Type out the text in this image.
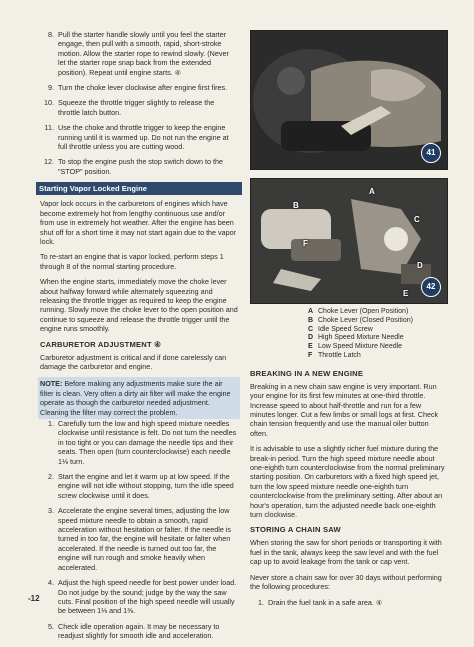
8. Pull the starter handle slowly until you feel the starter engage, then pull with a smooth, rapid, short-stroke motion. Allow the starter rope to rewind slowly. (Never let the starter rope snap back from the extended position). Repeat until engine starts. ④
9. Turn the choke lever clockwise after engine first fires.
10. Squeeze the throttle trigger slightly to release the throttle latch button.
11. Use the choke and throttle trigger to keep the engine running until it is warmed up. Do not run the engine at full throttle unless you are cutting wood.
12. To stop the engine push the stop switch down to the "STOP" position.
Starting Vapor Locked Engine

Vapor lock occurs in the carburetors of engines which have become extremely hot from lengthy continuous use and/or from use in extremely hot weather. After the engine has been shut off for a short time it may not start again due to the vapor lock.

To re-start an engine that is vapor locked, perform steps 1 through 8 of the normal starting procedure.

When the engine starts, immediately move the choke lever about halfway forward while alternately squeezing and releasing the throttle trigger as required to keep the engine running. Slowly move the choke lever to the open position and continue to squeeze and release the throttle trigger until the engine runs smoothly.

CARBURETOR ADJUSTMENT ④

Carburetor adjustment is critical and if done carelessly can damage the carburetor and engine.

NOTE: Before making any adjustments make sure the air filter is clean. Very often a dirty air filter will make the engine operate as though the carburetor needed adjustment. Cleaning the filter may correct the problem.

1. Carefully turn the low and high speed mixture needles clockwise until resistance is felt. Do not turn the needles in too tight or you can damage the needle tips and their seats. Then open (turn counterclockwise) each needle 1⅛ turn.
2. Start the engine and let it warm up at low speed. If the engine will not idle without stopping, turn the idle speed screw clockwise until it does.
3. Accelerate the engine several times, adjusting the low speed mixture needle to obtain a smooth, rapid acceleration without hesitation or falter. If the needle is turned in too far, the engine will hesitate or falter when accelerated. If the needle is turned out too far, the engine will run rough and smoke heavily when accelerated.
4. Adjust the high speed needle for best power under load. Do not judge by the sound; judge by the way the saw cuts. Final position of the high speed needle will usually be between 1⅛ and 1⅜.
5. Check idle operation again. It may be necessary to readjust slightly for smooth idle and acceleration.
41
A
B
C
D
E
F
42
A Choke Lever (Open Position)
B Choke Lever (Closed Position)
C Idle Speed Screw
D High Speed Mixture Needle
E Low Speed Mixture Needle
F Throttle Latch
BREAKING IN A NEW ENGINE

Breaking in a new chain saw engine is very important. Run your engine for its first few minutes at one-third throttle. Increase speed to about half-throttle and run for a few minutes longer. Cut a few limbs or small logs at first. Check chain tension frequently and use the manual oiler button often.

It is advisable to use a slightly richer fuel mixture during the break-in period. Turn the high speed mixture needle about one-eighth turn counterclockwise from the normal preliminary starting position. On carburetors with a fixed high speed jet, turn the low speed mixture needle one-eighth turn counterclockwise from the preliminary setting. After about an hour's operation, turn the adjusted needle back one-eighth turn clockwise.

STORING A CHAIN SAW

When storing the saw for short periods or transporting it with fuel in the tank, always keep the saw level and with the fuel cap up to avoid leakage from the tank or cap vent.

Never store a chain saw for over 30 days without performing the following procedures:

1. Drain the fuel tank in a safe area. ④
-12
